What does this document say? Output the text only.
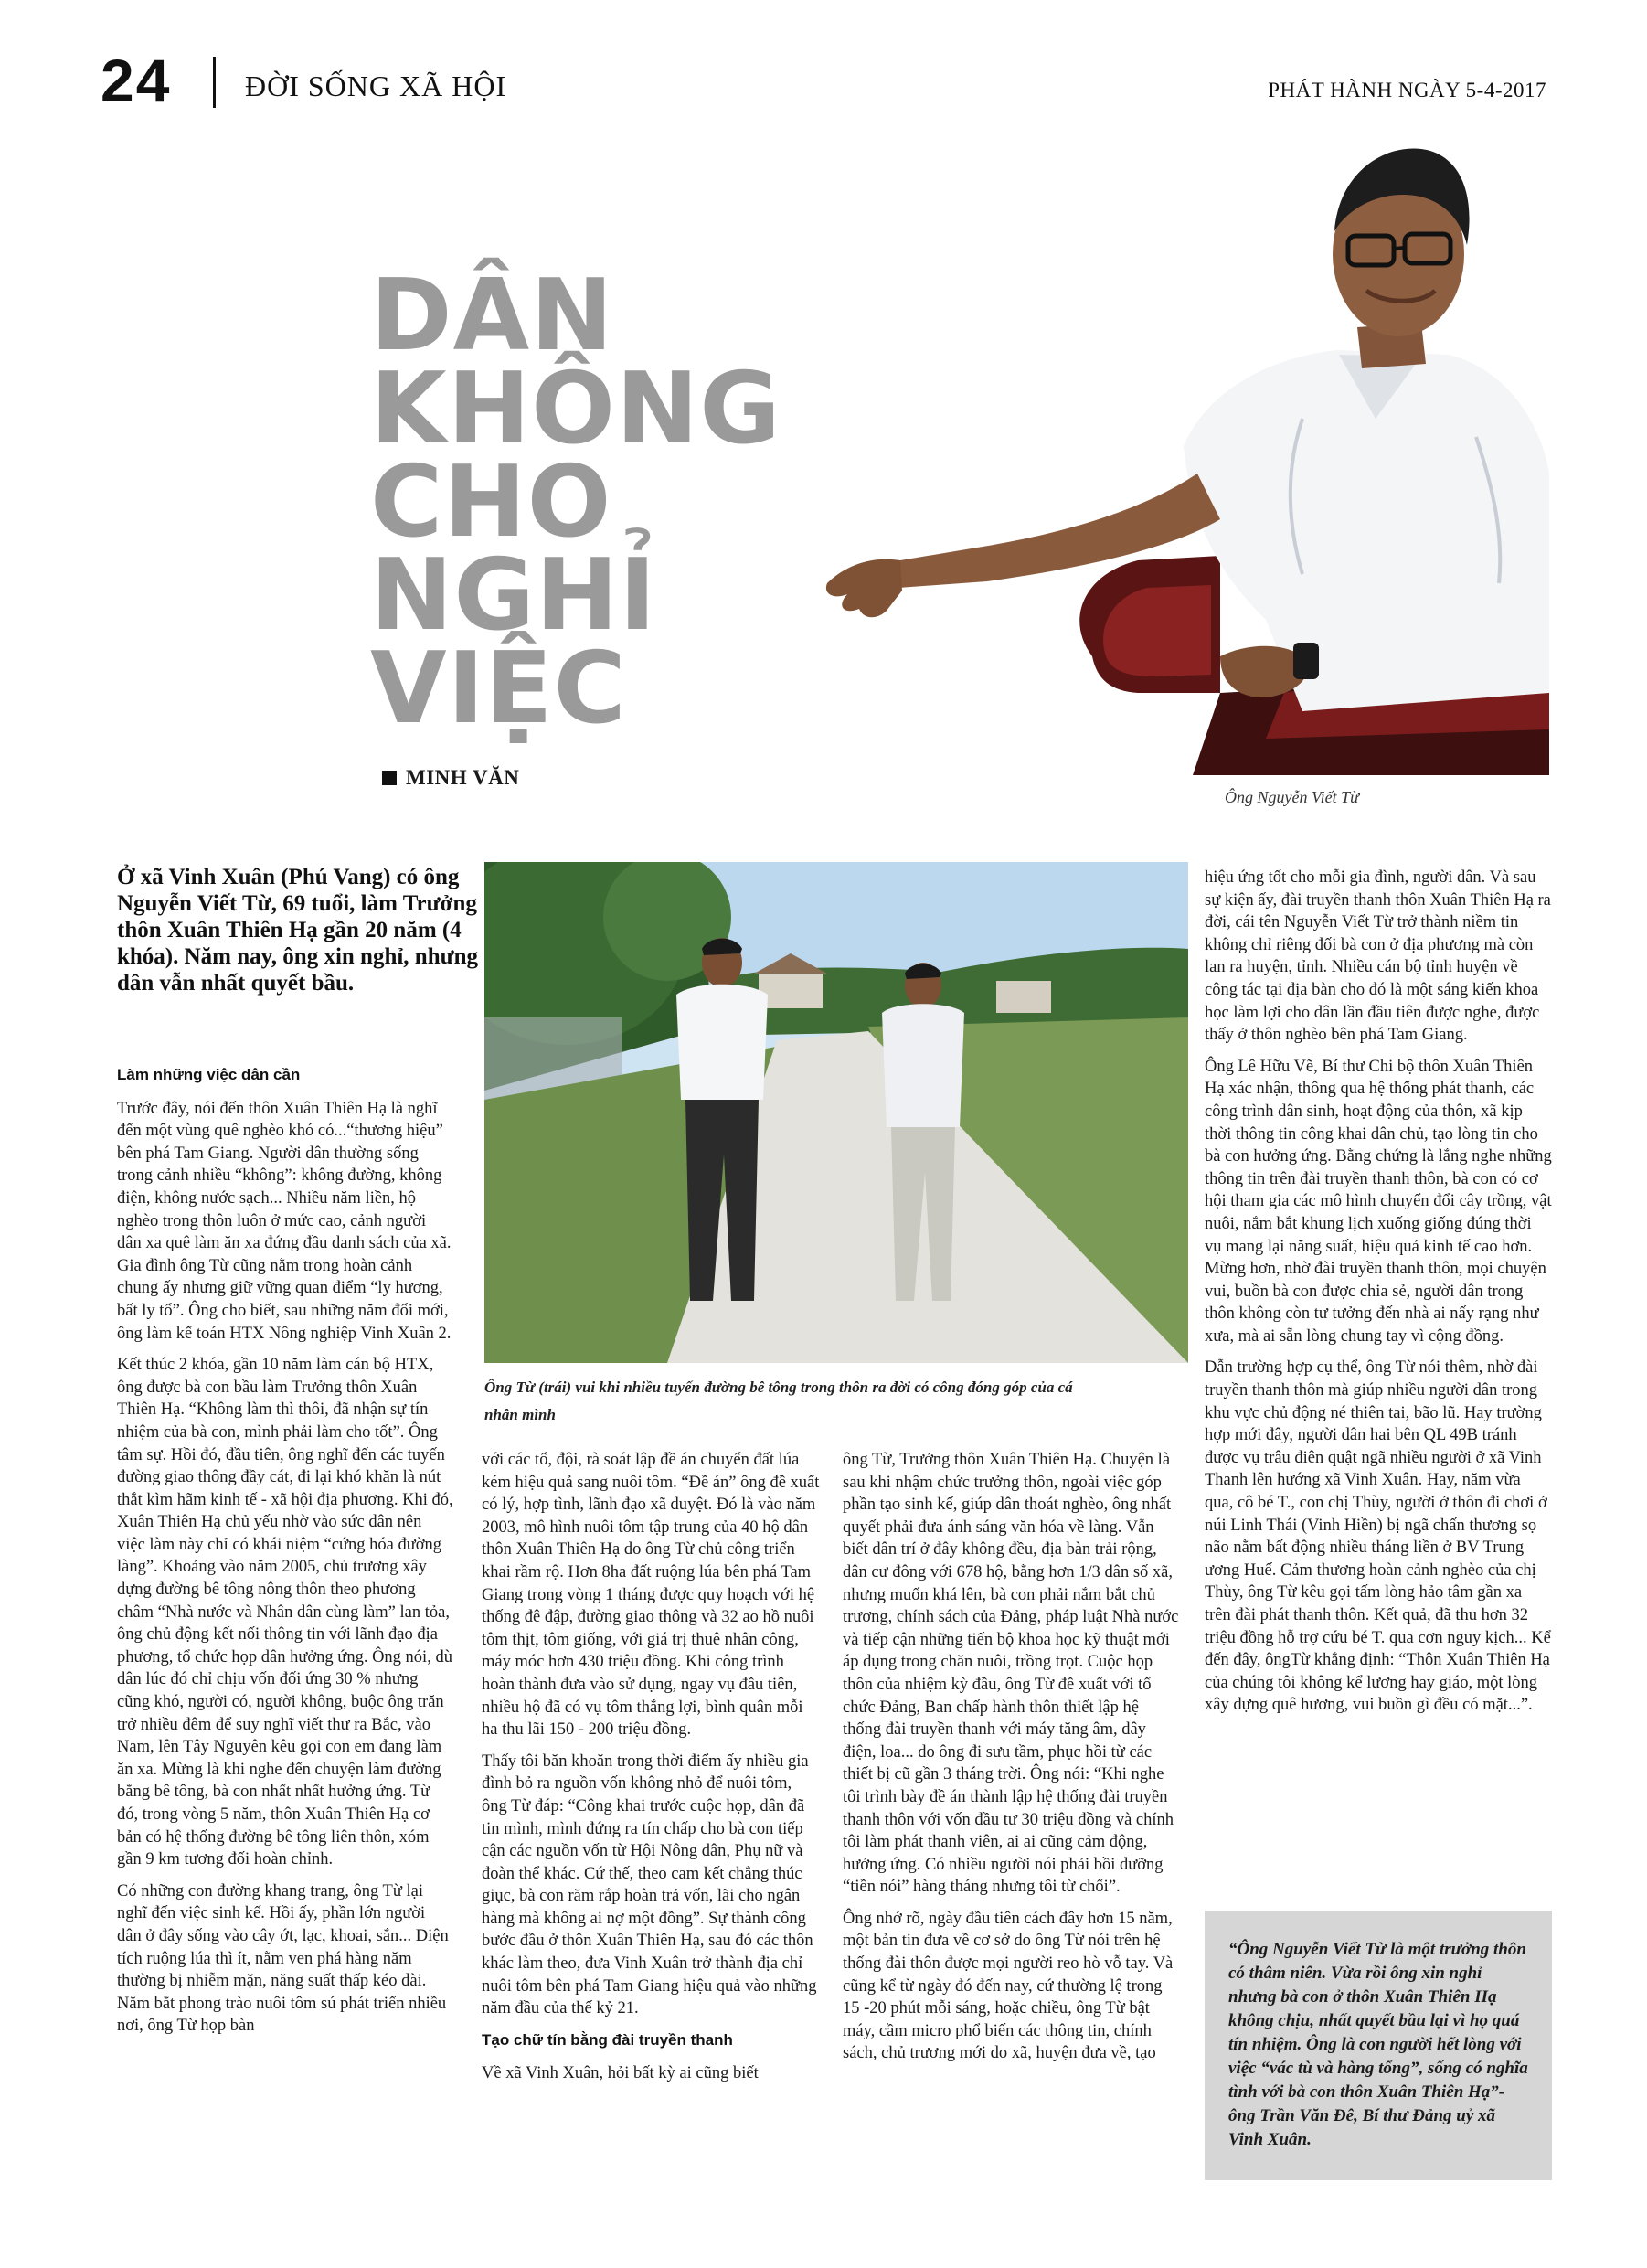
24	ĐỜI SỐNG XÃ HỘI	PHÁT HÀNH NGÀY 5-4-2017
DÂN
KHÔNG
CHO
NGHỈ
VIỆC
MINH VĂN
Ông Nguyễn Viết Từ
Ở xã Vinh Xuân (Phú Vang) có ông Nguyễn Viết Từ, 69 tuổi, làm Trưởng thôn Xuân Thiên Hạ gần 20 năm (4 khóa). Năm nay, ông xin nghỉ, nhưng dân vẫn nhất quyết bầu.
Làm những việc dân cần

Trước đây, nói đến thôn Xuân Thiên Hạ là nghĩ đến một vùng quê nghèo khó có...“thương hiệu” bên phá Tam Giang. Người dân thường sống trong cảnh nhiều “không”: không đường, không điện, không nước sạch... Nhiều năm liền, hộ nghèo trong thôn luôn ở mức cao, cảnh người dân xa quê làm ăn xa đứng đầu danh sách của xã. Gia đình ông Từ cũng nằm trong hoàn cảnh chung ấy nhưng giữ vững quan điểm “ly hương, bất ly tổ”. Ông cho biết, sau những năm đổi mới, ông làm kế toán HTX Nông nghiệp Vinh Xuân 2.

Kết thúc 2 khóa, gần 10 năm làm cán bộ HTX, ông được bà con bầu làm Trưởng thôn Xuân Thiên Hạ. “Không làm thì thôi, đã nhận sự tín nhiệm của bà con, mình phải làm cho tốt”. Ông tâm sự. Hồi đó, đầu tiên, ông nghĩ đến các tuyến đường giao thông đầy cát, đi lại khó khăn là nút thắt kìm hãm kinh tế - xã hội địa phương. Khi đó, Xuân Thiên Hạ chủ yếu nhờ vào sức dân nên việc làm này chỉ có khái niệm “cứng hóa đường làng”. Khoảng vào năm 2005, chủ trương xây dựng đường bê tông nông thôn theo phương châm “Nhà nước và Nhân dân cùng làm” lan tỏa, ông chủ động kết nối thông tin với lãnh đạo địa phương, tổ chức họp dân hưởng ứng. Ông nói, dù dân lúc đó chỉ chịu vốn đối ứng 30 % nhưng cũng khó, người có, người không, buộc ông trăn trở nhiều đêm để suy nghĩ viết thư ra Bắc, vào Nam, lên Tây Nguyên kêu gọi con em đang làm ăn xa. Mừng là khi nghe đến chuyện làm đường bằng bê tông, bà con nhất nhất hưởng ứng. Từ đó, trong vòng 5 năm, thôn Xuân Thiên Hạ cơ bản có hệ thống đường bê tông liên thôn, xóm gần 9 km tương đối hoàn chỉnh.

Có những con đường khang trang, ông Từ lại nghĩ đến việc sinh kế. Hồi ấy, phần lớn người dân ở đây sống vào cây ớt, lạc, khoai, sắn... Diện tích ruộng lúa thì ít, nằm ven phá hàng năm thường bị nhiễm mặn, năng suất thấp kéo dài. Nắm bắt phong trào nuôi tôm sú phát triển nhiều nơi, ông Từ họp bàn

Ông Từ (trái) vui khi nhiều tuyến đường bê tông trong thôn ra đời có công đóng góp của cá nhân mình

với các tổ, đội, rà soát lập đề án chuyển đất lúa kém hiệu quả sang nuôi tôm. “Đề án” ông đề xuất có lý, hợp tình, lãnh đạo xã duyệt. Đó là vào năm 2003, mô hình nuôi tôm tập trung của 40 hộ dân thôn Xuân Thiên Hạ do ông Từ chủ công triển khai rầm rộ. Hơn 8ha đất ruộng lúa bên phá Tam Giang trong vòng 1 tháng được quy hoạch với hệ thống đê đập, đường giao thông và 32 ao hồ nuôi tôm thịt, tôm giống, với giá trị thuê nhân công, máy móc hơn 430 triệu đồng. Khi công trình hoàn thành đưa vào sử dụng, ngay vụ đầu tiên, nhiều hộ đã có vụ tôm thắng lợi, bình quân mỗi ha thu lãi 150 - 200 triệu đồng.

Thấy tôi băn khoăn trong thời điểm ấy nhiều gia đình bỏ ra nguồn vốn không nhỏ để nuôi tôm, ông Từ đáp: “Công khai trước cuộc họp, dân đã tin mình, mình đứng ra tín chấp cho bà con tiếp cận các nguồn vốn từ Hội Nông dân, Phụ nữ và đoàn thể khác. Cứ thế, theo cam kết chẳng thúc giục, bà con răm rắp hoàn trả vốn, lãi cho ngân hàng mà không ai nợ một đồng”. Sự thành công bước đầu ở thôn Xuân Thiên Hạ, sau đó các thôn khác làm theo, đưa Vinh Xuân trở thành địa chỉ nuôi tôm bên phá Tam Giang hiệu quả vào những năm đầu của thế kỷ 21.

Tạo chữ tín bằng đài truyền thanh

Về xã Vinh Xuân, hỏi bất kỳ ai cũng biết

ông Từ, Trưởng thôn Xuân Thiên Hạ. Chuyện là sau khi nhậm chức trưởng thôn, ngoài việc góp phần tạo sinh kế, giúp dân thoát nghèo, ông nhất quyết phải đưa ánh sáng văn hóa về làng. Vẫn biết dân trí ở đây không đều, địa bàn trải rộng, dân cư đông với 678 hộ, bằng hơn 1/3 dân số xã, nhưng muốn khá lên, bà con phải nắm bắt chủ trương, chính sách của Đảng, pháp luật Nhà nước và tiếp cận những tiến bộ khoa học kỹ thuật mới áp dụng trong chăn nuôi, trồng trọt. Cuộc họp thôn của nhiệm kỳ đầu, ông Từ đề xuất với tổ chức Đảng, Ban chấp hành thôn thiết lập hệ thống đài truyền thanh với máy tăng âm, dây điện, loa... do ông đi sưu tầm, phục hồi từ các thiết bị cũ gần 3 tháng trời. Ông nói: “Khi nghe tôi trình bày đề án thành lập hệ thống đài truyền thanh thôn với vốn đầu tư 30 triệu đồng và chính tôi làm phát thanh viên, ai ai cũng cảm động, hưởng ứng. Có nhiều người nói phải bồi dưỡng “tiền nói” hàng tháng nhưng tôi từ chối”.

Ông nhớ rõ, ngày đầu tiên cách đây hơn 15 năm, một bản tin đưa về cơ sở do ông Từ nói trên hệ thống đài thôn được mọi người reo hò vỗ tay. Và cũng kể từ ngày đó đến nay, cứ thường lệ trong 15 -20 phút mỗi sáng, hoặc chiều, ông Từ bật máy, cầm micro phổ biến các thông tin, chính sách, chủ trương mới do xã, huyện đưa về, tạo

hiệu ứng tốt cho mỗi gia đình, người dân. Và sau sự kiện ấy, đài truyền thanh thôn Xuân Thiên Hạ ra đời, cái tên Nguyễn Viết Từ trở thành niềm tin không chỉ riêng đối bà con ở địa phương mà còn lan ra huyện, tỉnh. Nhiều cán bộ tỉnh huyện về công tác tại địa bàn cho đó là một sáng kiến khoa học làm lợi cho dân lần đầu tiên được nghe, được thấy ở thôn nghèo bên phá Tam Giang.

Ông Lê Hữu Vẽ, Bí thư Chi bộ thôn Xuân Thiên Hạ xác nhận, thông qua hệ thống phát thanh, các công trình dân sinh, hoạt động của thôn, xã kịp thời thông tin công khai dân chủ, tạo lòng tin cho bà con hưởng ứng. Bằng chứng là lắng nghe những thông tin trên đài truyền thanh thôn, bà con có cơ hội tham gia các mô hình chuyển đổi cây trồng, vật nuôi, nắm bắt khung lịch xuống giống đúng thời vụ mang lại năng suất, hiệu quả kinh tế cao hơn. Mừng hơn, nhờ đài truyền thanh thôn, mọi chuyện vui, buồn bà con được chia sẻ, người dân trong thôn không còn tư tưởng đến nhà ai nấy rạng như xưa, mà ai sẵn lòng chung tay vì cộng đồng.

Dẫn trường hợp cụ thể, ông Từ nói thêm, nhờ đài truyền thanh thôn mà giúp nhiều người dân trong khu vực chủ động né thiên tai, bão lũ. Hay trường hợp mới đây, người dân hai bên QL 49B tránh được vụ trâu điên quật ngã nhiều người ở xã Vinh Thanh lên hướng xã Vinh Xuân. Hay, năm vừa qua, cô bé T., con chị Thùy, người ở thôn đi chơi ở núi Linh Thái (Vinh Hiền) bị ngã chấn thương sọ não nằm bất động nhiều tháng liền ở BV Trung ương Huế. Cảm thương hoàn cảnh nghèo của chị Thùy, ông Từ kêu gọi tấm lòng hảo tâm gần xa trên đài phát thanh thôn. Kết quả, đã thu hơn 32 triệu đồng hỗ trợ cứu bé T. qua cơn nguy kịch... Kể đến đây, ôngTừ khẳng định: “Thôn Xuân Thiên Hạ của chúng tôi không kể lương hay giáo, một lòng xây dựng quê hương, vui buồn gì đều có mặt...”.

“Ông Nguyễn Viết Từ là một trưởng thôn có thâm niên. Vừa rồi ông xin nghỉ nhưng bà con ở thôn Xuân Thiên Hạ không chịu, nhất quyết bầu lại vì họ quá tín nhiệm. Ông là con người hết lòng với việc “vác tù và hàng tổng”, sống có nghĩa tình với bà con thôn Xuân Thiên Hạ”- ông Trần Văn Đê, Bí thư Đảng uỷ xã Vinh Xuân.
